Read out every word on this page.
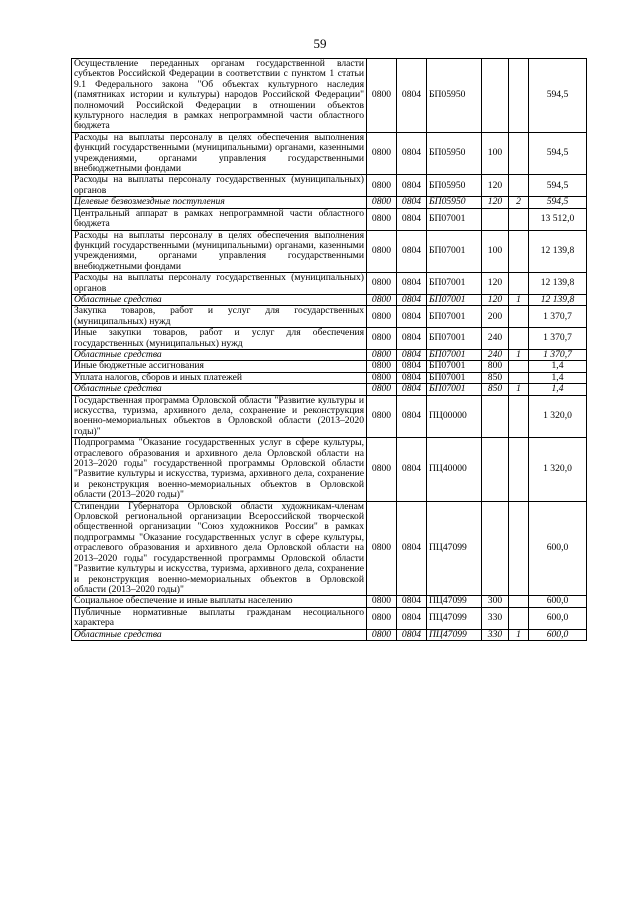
59
Осуществление переданных органам государственной власти субъектов Российской Федерации в соответствии с пунктом 1 статьи 9.1 Федерального закона "Об объектах культурного наследия (памятниках истории и культуры) народов Российской Федерации" полномочий Российской Федерации в отношении объектов культурного наследия в рамках непрограммной части областного бюджета	0800	0804	БП05950			594,5
Расходы на выплаты персоналу в целях обеспечения выполнения функций государственными (муниципальными) органами, казенными учреждениями, органами управления государственными внебюджетными фондами	0800	0804	БП05950	100		594,5
Расходы на выплаты персоналу государственных (муниципальных) органов	0800	0804	БП05950	120		594,5
Целевые безвозмездные поступления	0800	0804	БП05950	120	2	594,5
Центральный аппарат в рамках непрограммной части областного бюджета	0800	0804	БП07001			13 512,0
Расходы на выплаты персоналу в целях обеспечения выполнения функций государственными (муниципальными) органами, казенными учреждениями, органами управления государственными внебюджетными фондами	0800	0804	БП07001	100		12 139,8
Расходы на выплаты персоналу государственных (муниципальных) органов	0800	0804	БП07001	120		12 139,8
Областные средства	0800	0804	БП07001	120	1	12 139,8
Закупка товаров, работ и услуг для государственных (муниципальных) нужд	0800	0804	БП07001	200		1 370,7
Иные закупки товаров, работ и услуг для обеспечения государственных (муниципальных) нужд	0800	0804	БП07001	240		1 370,7
Областные средства	0800	0804	БП07001	240	1	1 370,7
Иные бюджетные ассигнования	0800	0804	БП07001	800		1,4
Уплата налогов, сборов и иных платежей	0800	0804	БП07001	850		1,4
Областные средства	0800	0804	БП07001	850	1	1,4
Государственная программа Орловской области "Развитие культуры и искусства, туризма, архивного дела, сохранение и реконструкция военно-мемориальных объектов в Орловской области (2013–2020 годы)"	0800	0804	ПЦ00000			1 320,0
Подпрограмма "Оказание государственных услуг в сфере культуры, отраслевого образования и архивного дела Орловской области на 2013–2020 годы" государственной программы Орловской области "Развитие культуры и искусства, туризма, архивного дела, сохранение и реконструкция военно-мемориальных объектов в Орловской области (2013–2020 годы)"	0800	0804	ПЦ40000			1 320,0
Стипендии Губернатора Орловской области художникам-членам Орловской региональной организации Всероссийской творческой общественной организации "Союз художников России" в рамках подпрограммы "Оказание государственных услуг в сфере культуры, отраслевого образования и архивного дела Орловской области на 2013–2020 годы" государственной программы Орловской области "Развитие культуры и искусства, туризма, архивного дела, сохранение и реконструкция военно-мемориальных объектов в Орловской области (2013–2020 годы)"	0800	0804	ПЦ47099			600,0
Социальное обеспечение и иные выплаты населению	0800	0804	ПЦ47099	300		600,0
Публичные нормативные выплаты гражданам несоциального характера	0800	0804	ПЦ47099	330		600,0
Областные средства	0800	0804	ПЦ47099	330	1	600,0
